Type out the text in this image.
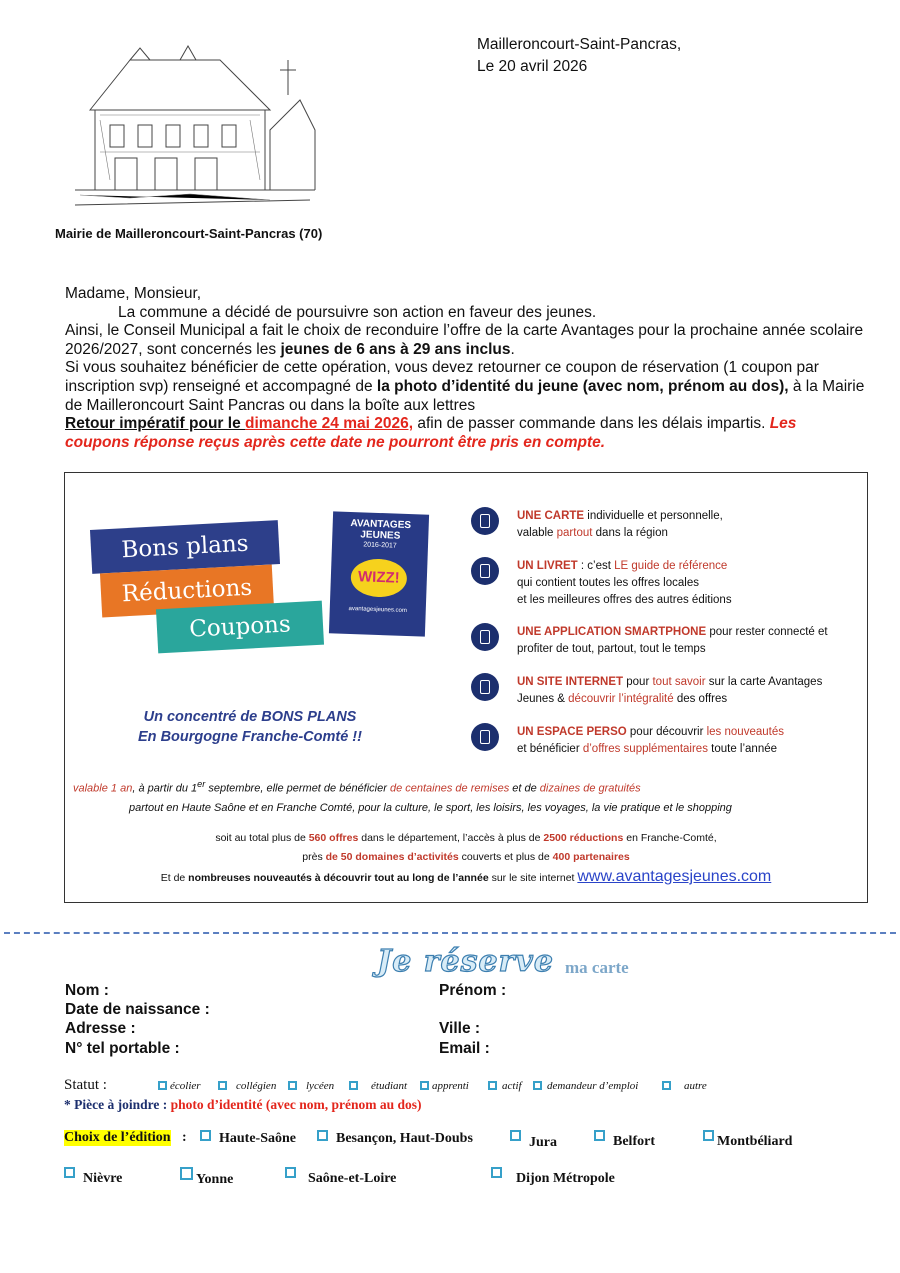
Mairie de Mailleroncourt-Saint-Pancras (70)
Mailleroncourt-Saint-Pancras,
Le 20 avril 2026

Madame, Monsieur,

La commune a décidé de poursuivre son action en faveur des jeunes.

Ainsi, le Conseil Municipal a fait le choix de reconduire l’offre de la carte Avantages pour la prochaine année scolaire 2026/2027, sont concernés les jeunes de 6 ans à 29 ans inclus.

Si vous souhaitez bénéficier de cette opération, vous devez retourner ce coupon de réservation (1 coupon par inscription svp) renseigné et accompagné de la photo d’identité du jeune (avec nom, prénom au dos), à la Mairie de Mailleroncourt Saint Pancras ou dans la boîte aux lettres

Retour impératif pour le dimanche 24 mai 2026, afin de passer commande dans les délais impartis. Les coupons réponse reçus après cette date ne pourront être pris en compte.

Bons plans
Réductions
Coupons
AVANTAGES JEUNES
2016-2017
WIZZ!
avantagesjeunes.com
Un concentré de BONS PLANS
En Bourgogne Franche-Comté !!
UNE CARTE individuelle et personnelle,
valable partout dans la région
UN LIVRET : c’est LE guide de référence
qui contient toutes les offres locales
et les meilleures offres des autres éditions
UNE APPLICATION SMARTPHONE pour rester connecté et profiter de tout, partout, tout le temps
UN SITE INTERNET pour tout savoir sur la carte Avantages Jeunes & découvrir l’intégralité des offres
UN ESPACE PERSO pour découvrir les nouveautés
et bénéficier d’offres supplémentaires toute l’année
valable 1 an, à partir du 1er septembre, elle permet de bénéficier de centaines de remises et de dizaines de gratuités
partout en Haute Saône et en Franche Comté, pour la culture, le sport, les loisirs, les voyages, la vie pratique et le shopping
soit au total plus de 560 offres dans le département, l’accès à plus de 2500 réductions en Franche-Comté,
près de 50 domaines d’activités couverts et plus de 400 partenaires
Et de nombreuses nouveautés à découvrir tout au long de l’année sur le site internet www.avantagesjeunes.com
Je réserve ma carte
Nom :	Prénom :
Date de naissance :
Adresse :	Ville :
N° tel portable :	Email :
Statut :	écolier	collégien	lycéen	étudiant	apprenti	actif	demandeur d’emploi	autre
* Pièce à joindre : photo d’identité (avec nom, prénom au dos)
Choix de l’édition :	Haute-Saône	Besançon, Haut-Doubs	Jura	Belfort	Montbéliard
Nièvre	Yonne	Saône-et-Loire	Dijon Métropole
